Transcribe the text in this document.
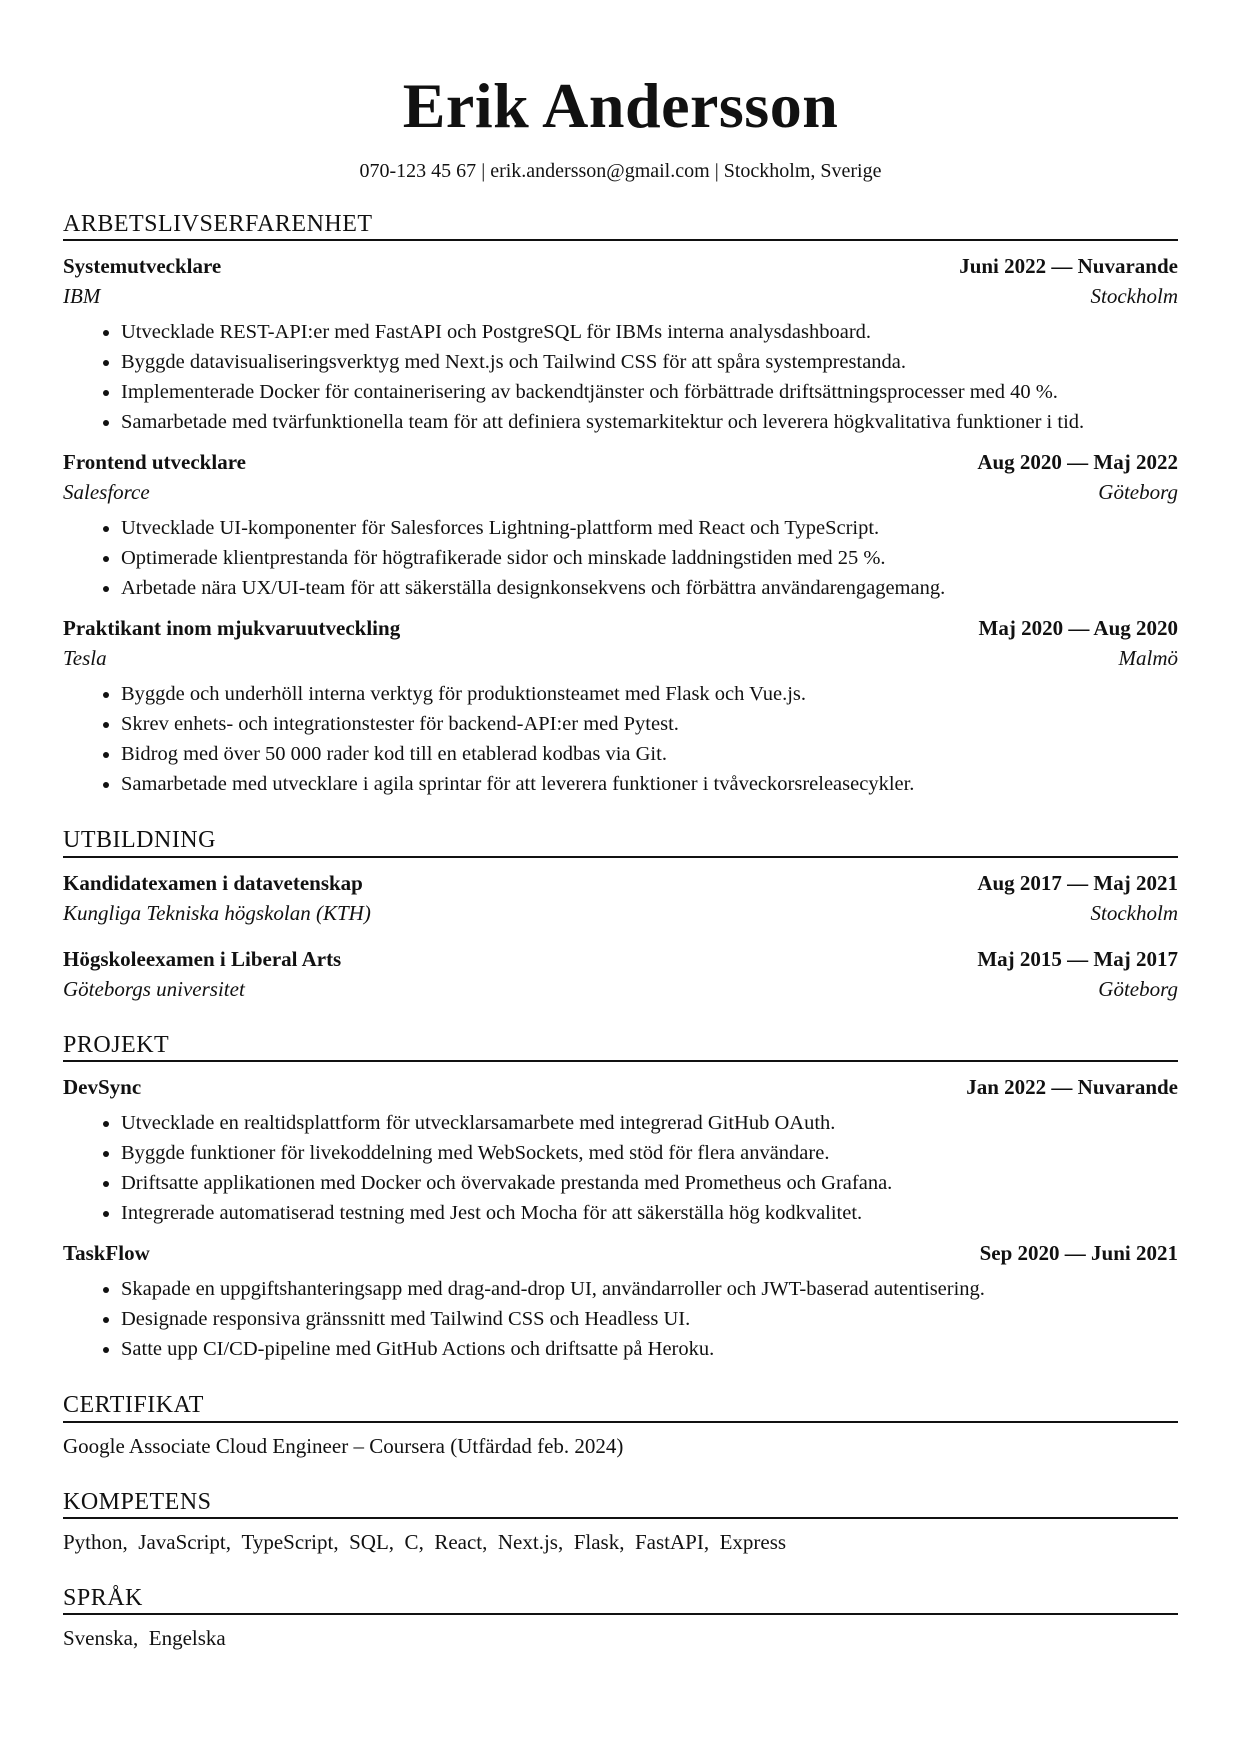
Erik Andersson
070-123 45 67 | erik.andersson@gmail.com | Stockholm, Sverige
ARBETSLIVSERFARENHET
Systemutvecklare	Juni 2022 — Nuvarande
IBM	Stockholm
• Utvecklade REST-API:er med FastAPI och PostgreSQL för IBMs interna analysdashboard.
• Byggde datavisualiseringsverktyg med Next.js och Tailwind CSS för att spåra systemprestanda.
• Implementerade Docker för containerisering av backendtjänster och förbättrade driftsättningsprocesser med 40 %.
• Samarbetade med tvärfunktionella team för att definiera systemarkitektur och leverera högkvalitativa funktioner i tid.
Frontend utvecklare	Aug 2020 — Maj 2022
Salesforce	Göteborg
• Utvecklade UI-komponenter för Salesforces Lightning-plattform med React och TypeScript.
• Optimerade klientprestanda för högtrafikerade sidor och minskade laddningstiden med 25 %.
• Arbetade nära UX/UI-team för att säkerställa designkonsekvens och förbättra användarengagemang.
Praktikant inom mjukvaruutveckling	Maj 2020 — Aug 2020
Tesla	Malmö
• Byggde och underhöll interna verktyg för produktionsteamet med Flask och Vue.js.
• Skrev enhets- och integrationstester för backend-API:er med Pytest.
• Bidrog med över 50 000 rader kod till en etablerad kodbas via Git.
• Samarbetade med utvecklare i agila sprintar för att leverera funktioner i tvåveckorsreleasecykler.
UTBILDNING
Kandidatexamen i datavetenskap	Aug 2017 — Maj 2021
Kungliga Tekniska högskolan (KTH)	Stockholm
Högskoleexamen i Liberal Arts	Maj 2015 — Maj 2017
Göteborgs universitet	Göteborg
PROJEKT
DevSync	Jan 2022 — Nuvarande
• Utvecklade en realtidsplattform för utvecklarsamarbete med integrerad GitHub OAuth.
• Byggde funktioner för livekoddelning med WebSockets, med stöd för flera användare.
• Driftsatte applikationen med Docker och övervakade prestanda med Prometheus och Grafana.
• Integrerade automatiserad testning med Jest och Mocha för att säkerställa hög kodkvalitet.
TaskFlow	Sep 2020 — Juni 2021
• Skapade en uppgiftshanteringsapp med drag-and-drop UI, användarroller och JWT-baserad autentisering.
• Designade responsiva gränssnitt med Tailwind CSS och Headless UI.
• Satte upp CI/CD-pipeline med GitHub Actions och driftsatte på Heroku.
CERTIFIKAT
Google Associate Cloud Engineer – Coursera (Utfärdad feb. 2024)
KOMPETENS
Python ,  JavaScript ,  TypeScript ,  SQL ,  C ,  React ,  Next.js ,  Flask ,  FastAPI ,  Express
SPRÅK
Svenska ,  Engelska
